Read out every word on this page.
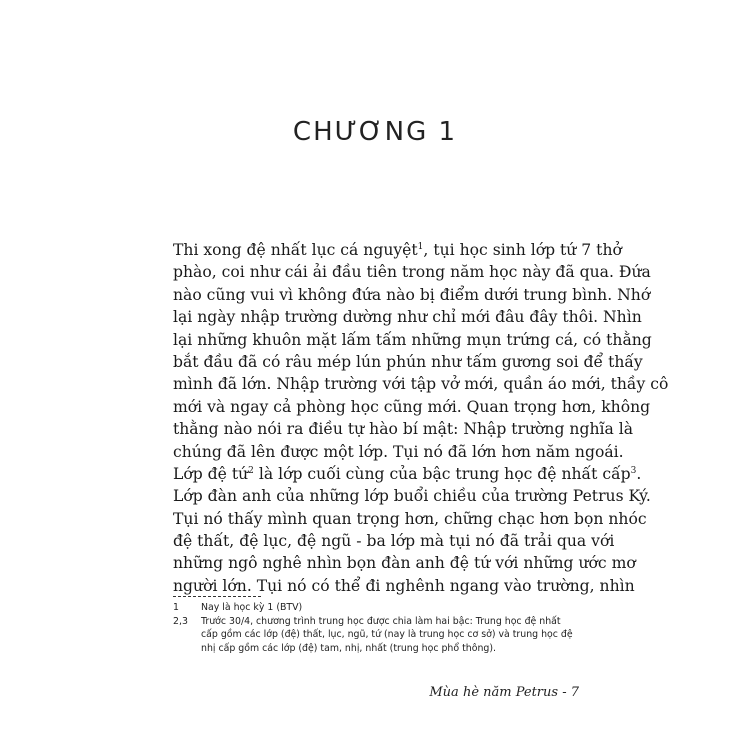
CHƯƠNG 1
Thi xong đệ nhất lục cá nguyệt$^1$, tụi học sinh lớp tứ 7 thở
phào, coi như cái ải đầu tiên trong năm học này đã qua. Đứa
nào cũng vui vì không đứa nào bị điểm dưới trung bình. Nhớ
lại ngày nhập trường dường như chỉ mới đâu đây thôi. Nhìn
lại những khuôn mặt lấm tấm những mụn trứng cá, có thằng
bắt đầu đã có râu mép lún phún như tấm gương soi để thấy
mình đã lớn. Nhập trường với tập vở mới, quần áo mới, thầy cô
mới và ngay cả phòng học cũng mới. Quan trọng hơn, không
thằng nào nói ra điều tự hào bí mật: Nhập trường nghĩa là
chúng đã lên được một lớp. Tụi nó đã lớn hơn năm ngoái.
Lớp đệ tứ$^2$ là lớp cuối cùng của bậc trung học đệ nhất cấp$^3$.
Lớp đàn anh của những lớp buổi chiều của trường Petrus Ký.
Tụi nó thấy mình quan trọng hơn, chững chạc hơn bọn nhóc
đệ thất, đệ lục, đệ ngũ - ba lớp mà tụi nó đã trải qua với
những ngô nghê nhìn bọn đàn anh đệ tứ với những ước mơ
người lớn. Tụi nó có thể đi nghênh ngang vào trường, nhìn
1	Nay là học kỳ 1 (BTV)
2,3	Trước 30/4, chương trình trung học được chia làm hai bậc: Trung học đệ nhất
cấp gồm các lớp (đệ) thất, lục, ngũ, tứ (nay là trung học cơ sở) và trung học đệ
nhị cấp gồm các lớp (đệ) tam, nhị, nhất (trung học phổ thông).
Mùa hè năm Petrus - 7
